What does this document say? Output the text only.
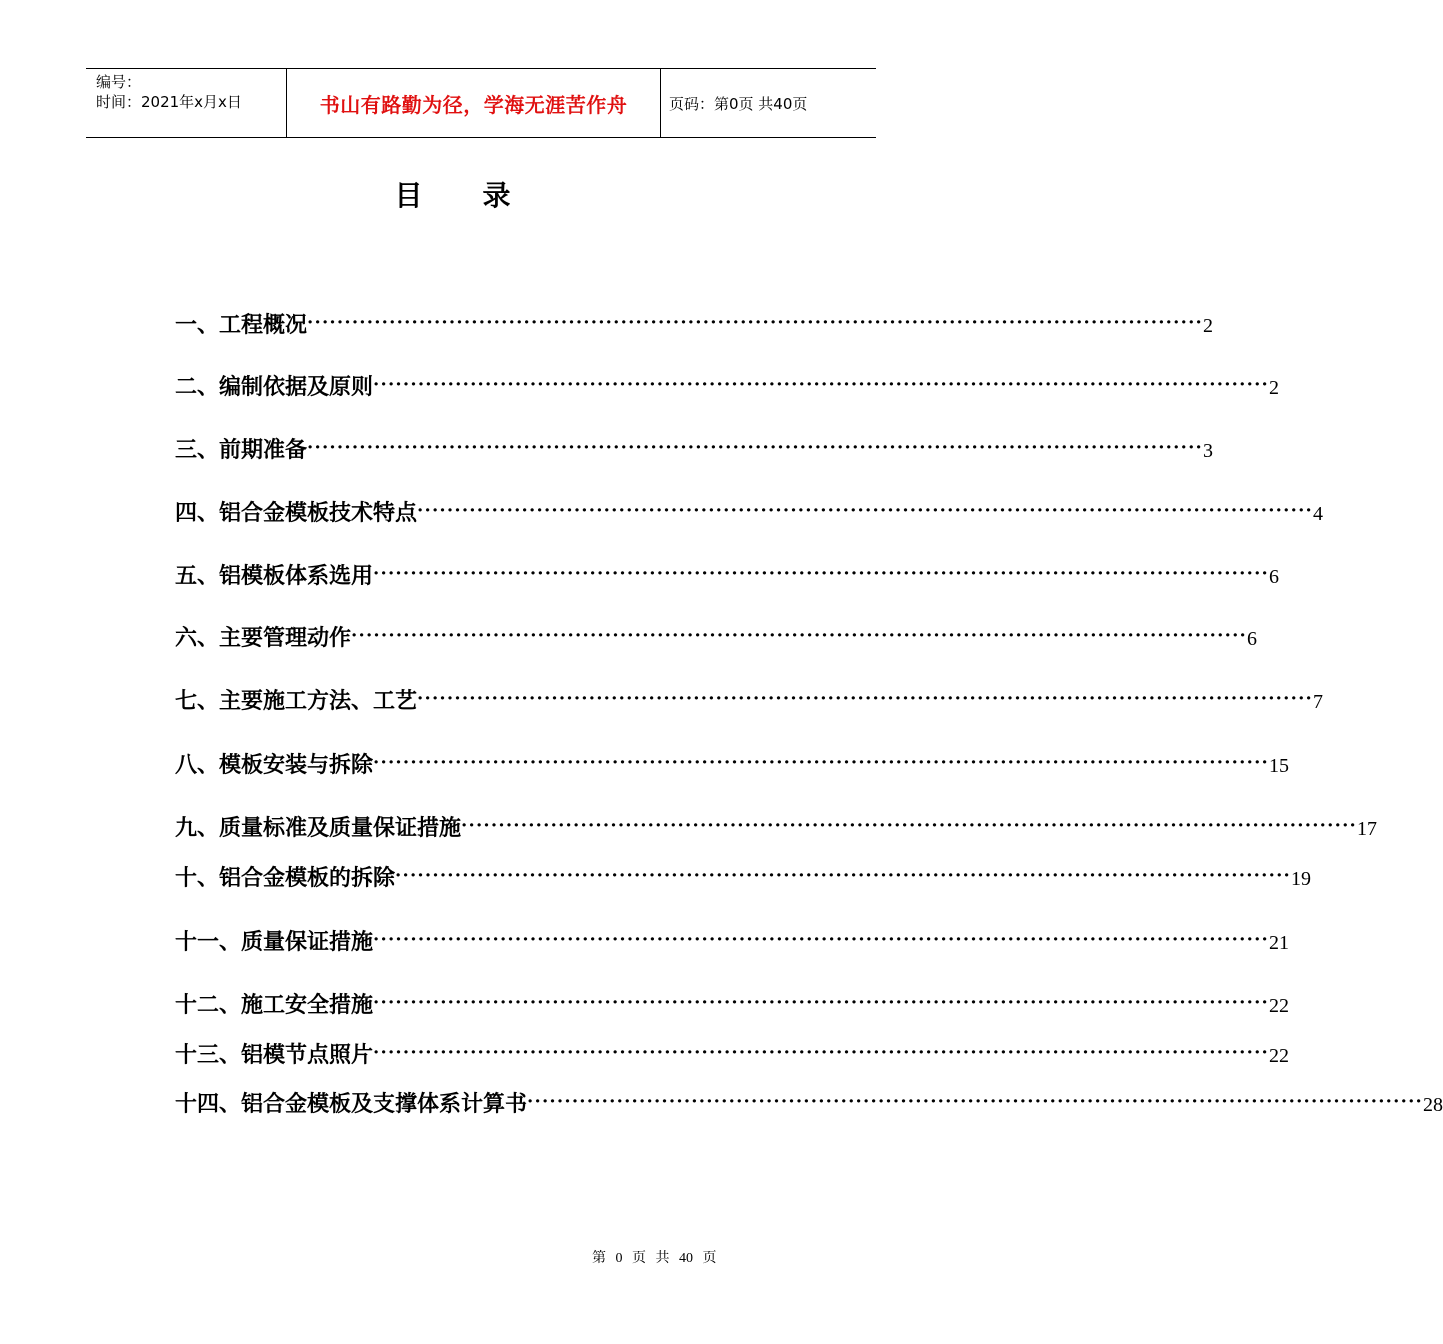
编号：
时间：2021年x月x日	书山有路勤为径，学海无涯苦作舟	页码：第0页 共40页
目录
一、工程概况 ························································································································ 2
二、编制依据及原则 ························································································································ 2
三、前期准备 ························································································································ 3
四、铝合金模板技术特点 ························································································································ 4
五、铝模板体系选用 ························································································································ 6
六、主要管理动作 ························································································································ 6
七、主要施工方法、工艺 ························································································································ 7
八、模板安装与拆除 ························································································································ 15
九、质量标准及质量保证措施 ························································································································ 17
十、铝合金模板的拆除 ························································································································ 19
十一、质量保证措施 ························································································································ 21
十二、施工安全措施 ························································································································ 22
十三、铝模节点照片 ························································································································ 22
十四、铝合金模板及支撑体系计算书 ························································································································ 28
第 0 页 共 40 页
